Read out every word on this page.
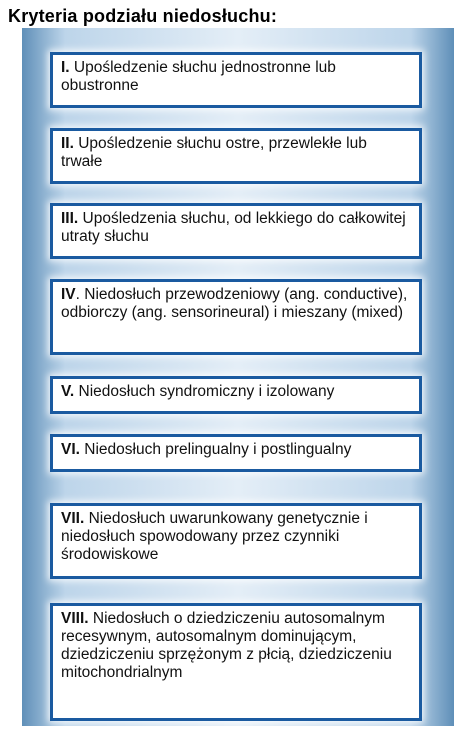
Kryteria podziału niedosłuchu:
I. Upośledzenie słuchu jednostronne lub obustronne
II. Upośledzenie słuchu ostre, przewlekłe lub trwałe
III. Upośledzenia słuchu, od lekkiego do całkowitej utraty słuchu
IV. Niedosłuch przewodzeniowy (ang. conductive), odbiorczy (ang. sensorineural) i mieszany (mixed)
V. Niedosłuch syndromiczny i izolowany
VI. Niedosłuch prelingualny i postlingualny
VII. Niedosłuch uwarunkowany genetycznie i niedosłuch spowodowany przez czynniki środowiskowe
VIII. Niedosłuch o dziedziczeniu autosomalnym recesywnym, autosomalnym dominującym, dziedziczeniu sprzężonym z płcią, dziedziczeniu mitochondrialnym
